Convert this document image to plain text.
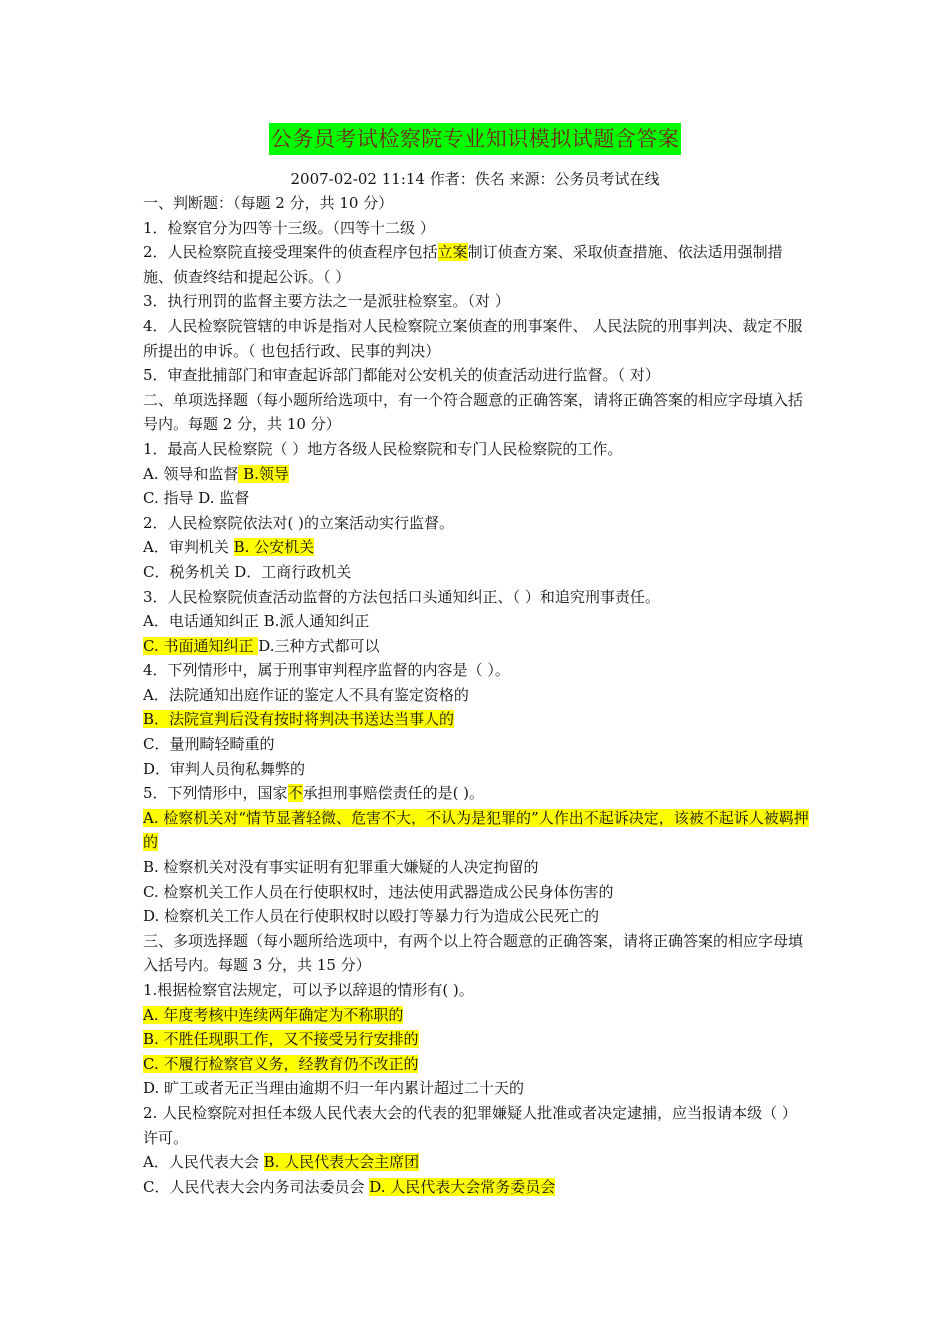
公务员考试检察院专业知识模拟试题含答案
2007-02-02 11:14 作者：佚名 来源：公务员考试在线
一、判断题：（每题 2 分，共 10 分）
1．检察官分为四等十三级。（四等十二级 ）
2．人民检察院直接受理案件的侦查程序包括立案制订侦查方案、采取侦查措施、依法适用强制措施、侦查终结和提起公诉。（ ）
3．执行刑罚的监督主要方法之一是派驻检察室。（对 ）
4．人民检察院管辖的申诉是指对人民检察院立案侦查的刑事案件、 人民法院的刑事判决、裁定不服所提出的申诉。（ 也包括行政、民事的判决）
5．审查批捕部门和审查起诉部门都能对公安机关的侦查活动进行监督。（ 对）
二、单项选择题（每小题所给选项中，有一个符合题意的正确答案，请将正确答案的相应字母填入括号内。每题 2 分，共 10 分）
1．最高人民检察院（ ）地方各级人民检察院和专门人民检察院的工作。
A. 领导和监督 B.领导
C. 指导 D. 监督
2．人民检察院依法对( )的立案活动实行监督。
A．审判机关 B. 公安机关
C．税务机关 D．工商行政机关
3．人民检察院侦查活动监督的方法包括口头通知纠正、（ ）和追究刑事责任。
A．电话通知纠正 B.派人通知纠正
C. 书面通知纠正 D.三种方式都可以
4．下列情形中，属于刑事审判程序监督的内容是（ ）。
A．法院通知出庭作证的鉴定人不具有鉴定资格的
B．法院宣判后没有按时将判决书送达当事人的
C．量刑畸轻畸重的
D．审判人员徇私舞弊的
5．下列情形中，国家不承担刑事赔偿责任的是( )。
A. 检察机关对“情节显著轻微、危害不大，不认为是犯罪的”人作出不起诉决定，该被不起诉人被羁押的
B. 检察机关对没有事实证明有犯罪重大嫌疑的人决定拘留的
C. 检察机关工作人员在行使职权时，违法使用武器造成公民身体伤害的
D. 检察机关工作人员在行使职权时以殴打等暴力行为造成公民死亡的
三、多项选择题（每小题所给选项中，有两个以上符合题意的正确答案，请将正确答案的相应字母填入括号内。每题 3 分，共 15 分）
1.根据检察官法规定，可以予以辞退的情形有( )。
A. 年度考核中连续两年确定为不称职的
B. 不胜任现职工作，又不接受另行安排的
C. 不履行检察官义务，经教育仍不改正的
D. 旷工或者无正当理由逾期不归一年内累计超过二十天的
2. 人民检察院对担任本级人民代表大会的代表的犯罪嫌疑人批准或者决定逮捕，应当报请本级（ ）许可。
A．人民代表大会 B. 人民代表大会主席团
C．人民代表大会内务司法委员会 D. 人民代表大会常务委员会
